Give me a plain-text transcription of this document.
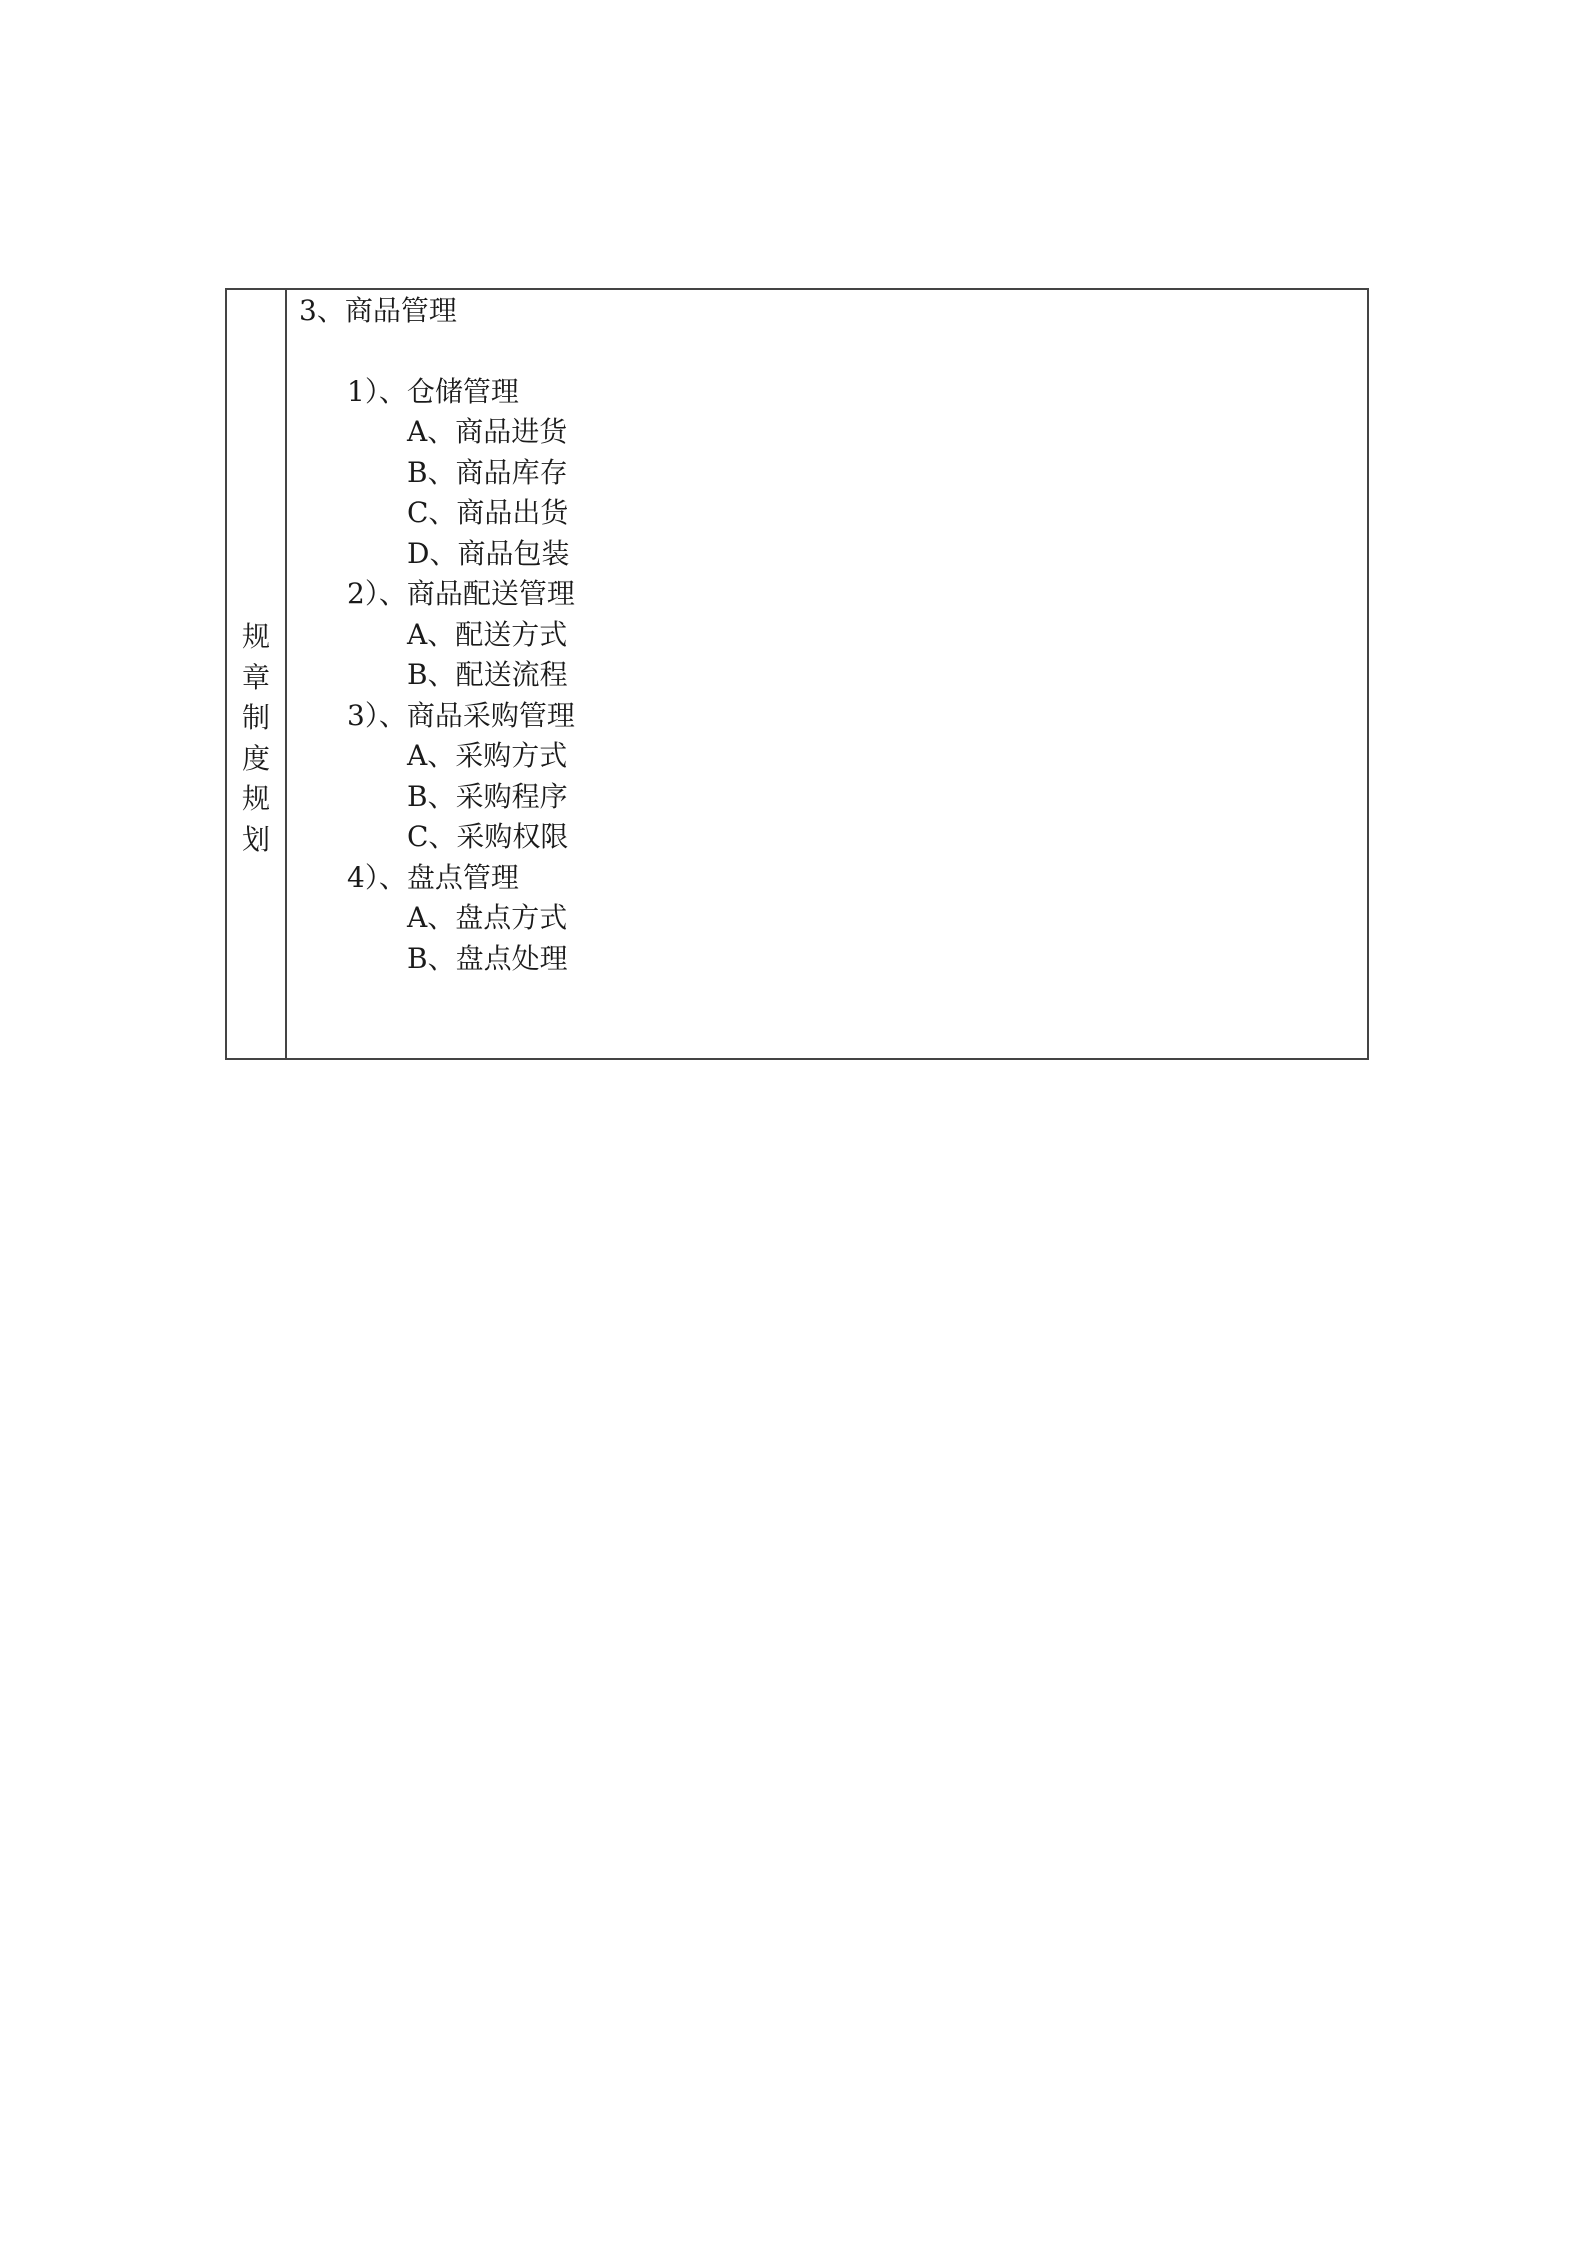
规
章
制
度
规
划
3、商品管理
1）、仓储管理
A、商品进货
B、商品库存
C、商品出货
D、商品包装
2）、商品配送管理
A、配送方式
B、配送流程
3）、商品采购管理
A、采购方式
B、采购程序
C、采购权限
4）、盘点管理
A、盘点方式
B、盘点处理
